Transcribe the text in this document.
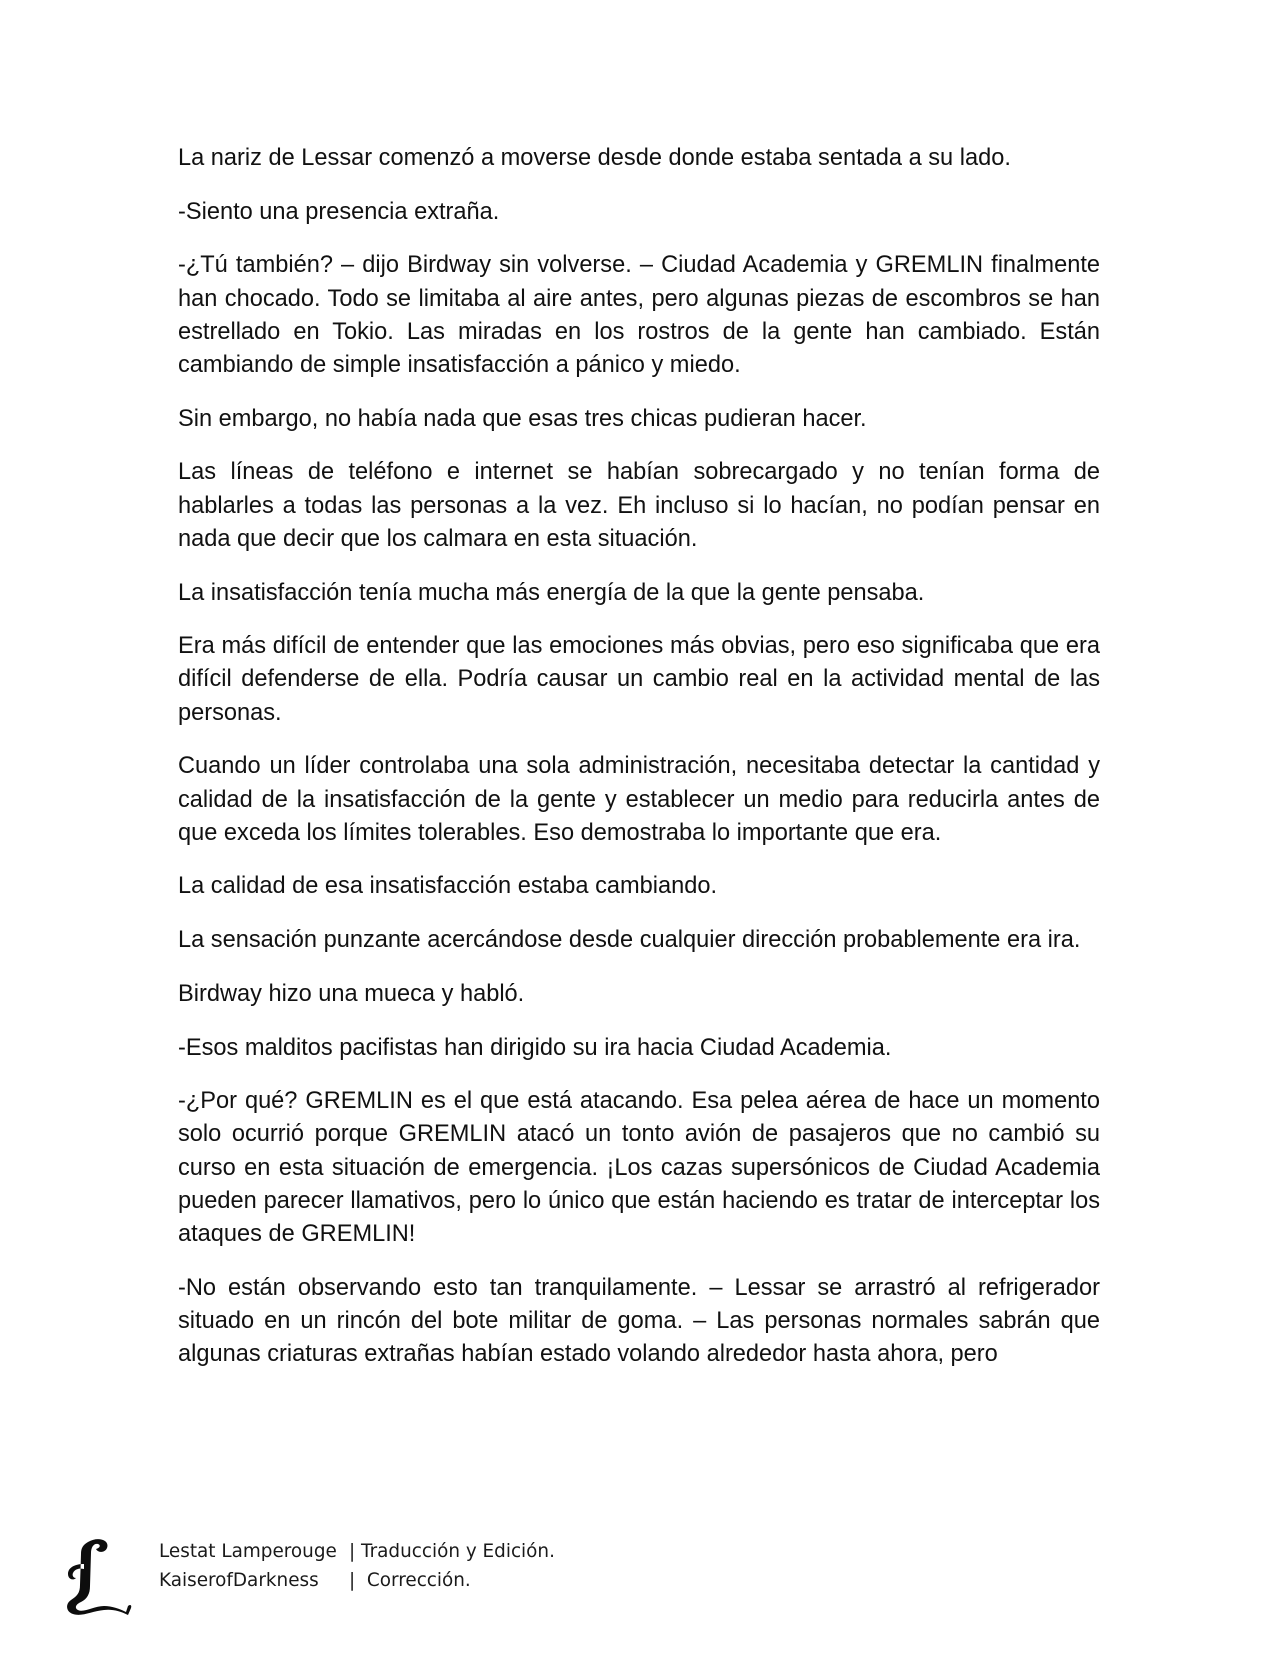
La nariz de Lessar comenzó a moverse desde donde estaba sentada a su lado.

-Siento una presencia extraña.

-¿Tú también? – dijo Birdway sin volverse. – Ciudad Academia y GREMLIN finalmente han chocado. Todo se limitaba al aire antes, pero algunas piezas de escombros se han estrellado en Tokio. Las miradas en los rostros de la gente han cambiado. Están cambiando de simple insatisfacción a pánico y miedo.

Sin embargo, no había nada que esas tres chicas pudieran hacer.

Las líneas de teléfono e internet se habían sobrecargado y no tenían forma de hablarles a todas las personas a la vez. Eh incluso si lo hacían, no podían pensar en nada que decir que los calmara en esta situación.

La insatisfacción tenía mucha más energía de la que la gente pensaba.

Era más difícil de entender que las emociones más obvias, pero eso significaba que era difícil defenderse de ella. Podría causar un cambio real en la actividad mental de las personas.

Cuando un líder controlaba una sola administración, necesitaba detectar la cantidad y calidad de la insatisfacción de la gente y establecer un medio para reducirla antes de que exceda los límites tolerables. Eso demostraba lo importante que era.

La calidad de esa insatisfacción estaba cambiando.

La sensación punzante acercándose desde cualquier dirección probablemente era ira.

Birdway hizo una mueca y habló.

-Esos malditos pacifistas han dirigido su ira hacia Ciudad Academia.

-¿Por qué? GREMLIN es el que está atacando. Esa pelea aérea de hace un momento solo ocurrió porque GREMLIN atacó un tonto avión de pasajeros que no cambió su curso en esta situación de emergencia. ¡Los cazas supersónicos de Ciudad Academia pueden parecer llamativos, pero lo único que están haciendo es tratar de interceptar los ataques de GREMLIN!

-No están observando esto tan tranquilamente. – Lessar se arrastró al refrigerador situado en un rincón del bote militar de goma. – Las personas normales sabrán que algunas criaturas extrañas habían estado volando alrededor hasta ahora, pero

Lestat Lamperouge | Traducción y Edición.
KaiserofDarkness |  Corrección.
